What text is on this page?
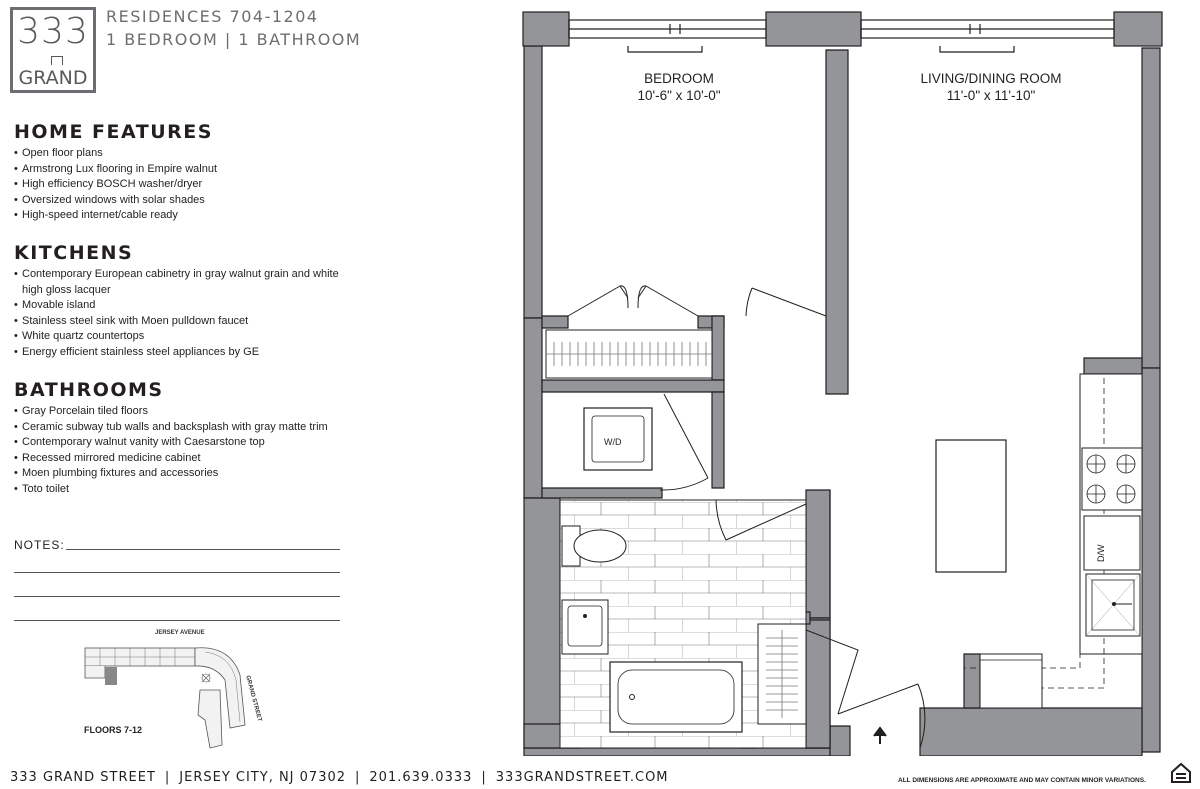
333
GRAND
RESIDENCES 704-1204
1 BEDROOM | 1 BATHROOM
HOME FEATURES
• Open floor plans
• Armstrong Lux flooring in Empire walnut
• High efficiency BOSCH washer/dryer
• Oversized windows with solar shades
• High-speed internet/cable ready
KITCHENS
• Contemporary European cabinetry in gray walnut grain and white high gloss lacquer
• Movable island
• Stainless steel sink with Moen pulldown faucet
• White quartz countertops
• Energy efficient stainless steel appliances by GE
BATHROOMS
• Gray Porcelain tiled floors
• Ceramic subway tub walls and backsplash with gray matte trim
• Contemporary walnut vanity with Caesarstone top
• Recessed mirrored medicine cabinet
• Moen plumbing fixtures and accessories
• Toto toilet
NOTES:
JERSEY AVENUE
GRAND STREET
FLOORS 7-12
333 GRAND STREET | JERSEY CITY, NJ 07302 | 201.639.0333 | 333GRANDSTREET.COM	ALL DIMENSIONS ARE APPROXIMATE AND MAY CONTAIN MINOR VARIATIONS.
W/D
D/W
BEDROOM
10'-6" x 10'-0"
LIVING/DINING ROOM
11'-0" x 11'-10"
